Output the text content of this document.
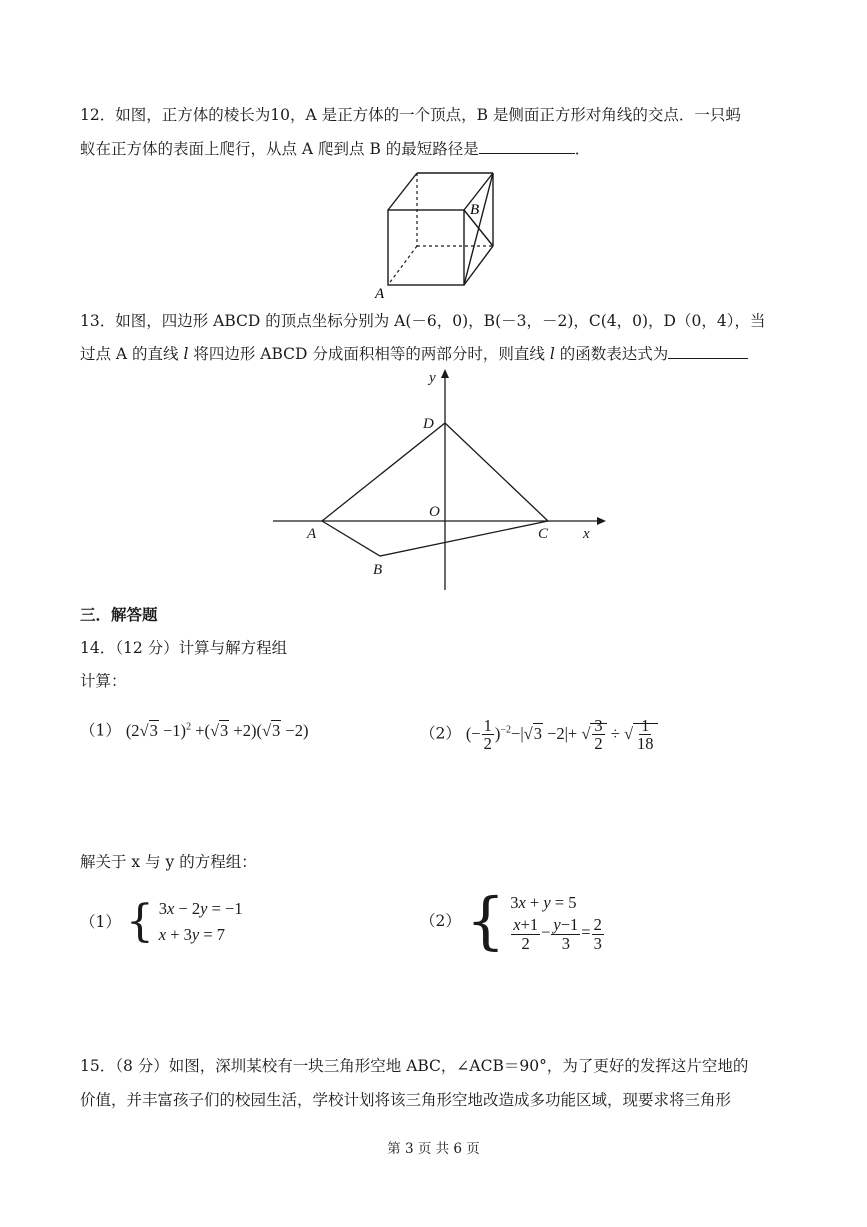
12．如图，正方体的棱长为10，A 是正方体的一个顶点，B 是侧面正方形对角线的交点．一只蚂
蚁在正方体的表面上爬行，从点 A 爬到点 B 的最短路径是	．
A
B
13．如图，四边形 ABCD 的顶点坐标分别为 A(－6，0)，B(－3，－2)，C(4，0)，D（0，4），当
过点 A 的直线 l 将四边形 ABCD 分成面积相等的两部分时，则直线 l 的函数表达式为
x
y
O
A
B
C
D
三．解答题
14．（12 分）计算与解方程组
计算：
（1） $(2√3 -1)^2 +(√3 +2)(√3 -2)$	（2） (− $\frac{1}{2} )^{-2}-|√3 -2|+$ √ $\frac{3}{2}$ ÷ √ $\frac{1}{18}$
解关于 x 与 y 的方程组：
（1） { 3x − 2y = −1
x + 3y = 7
（2） { 3x + y = 5
$\frac{x+1}{2} - \frac{y-1}{3} = \frac{2}{3}$
15．（8 分）如图，深圳某校有一块三角形空地 ABC，∠ACB＝90°，为了更好的发挥这片空地的
价值，并丰富孩子们的校园生活，学校计划将该三角形空地改造成多功能区域，现要求将三角形
第 3 页 共 6 页
